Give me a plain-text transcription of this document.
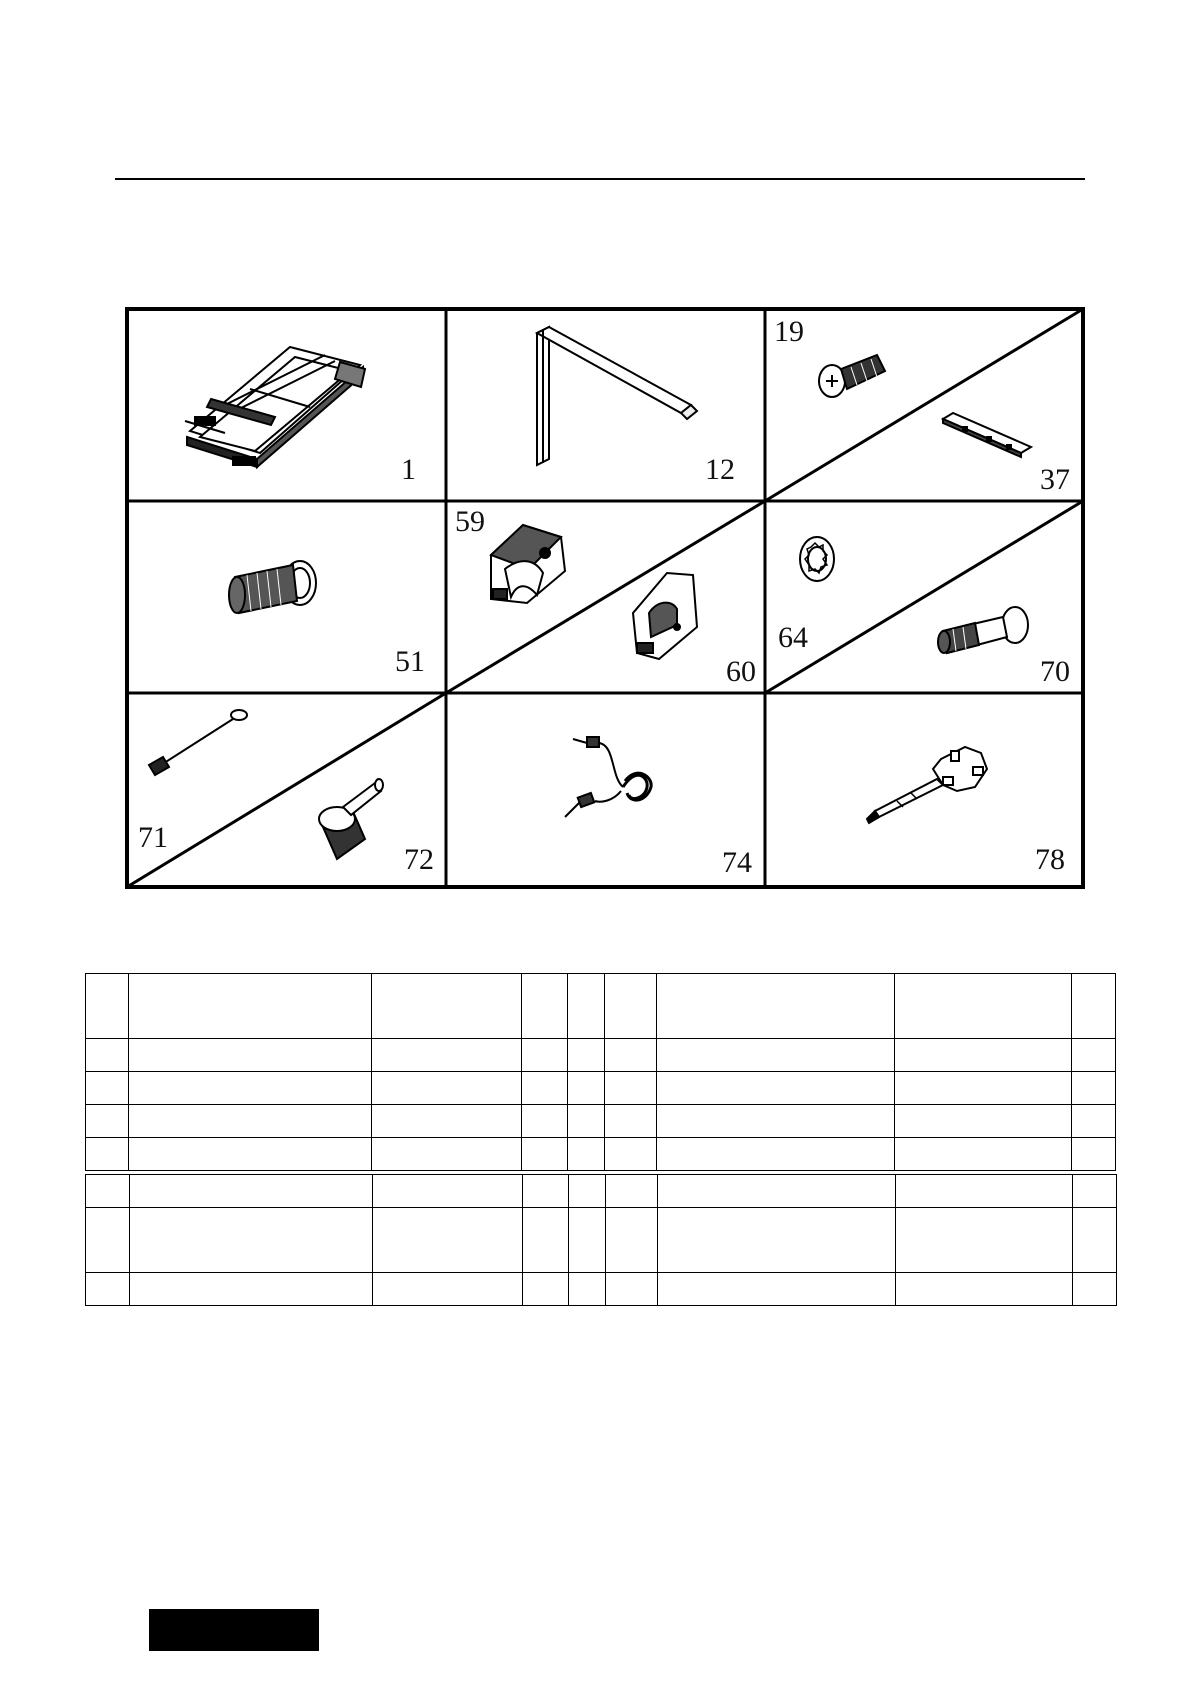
1	12
19
37
51
59
60
64
70
71
72	74	78
